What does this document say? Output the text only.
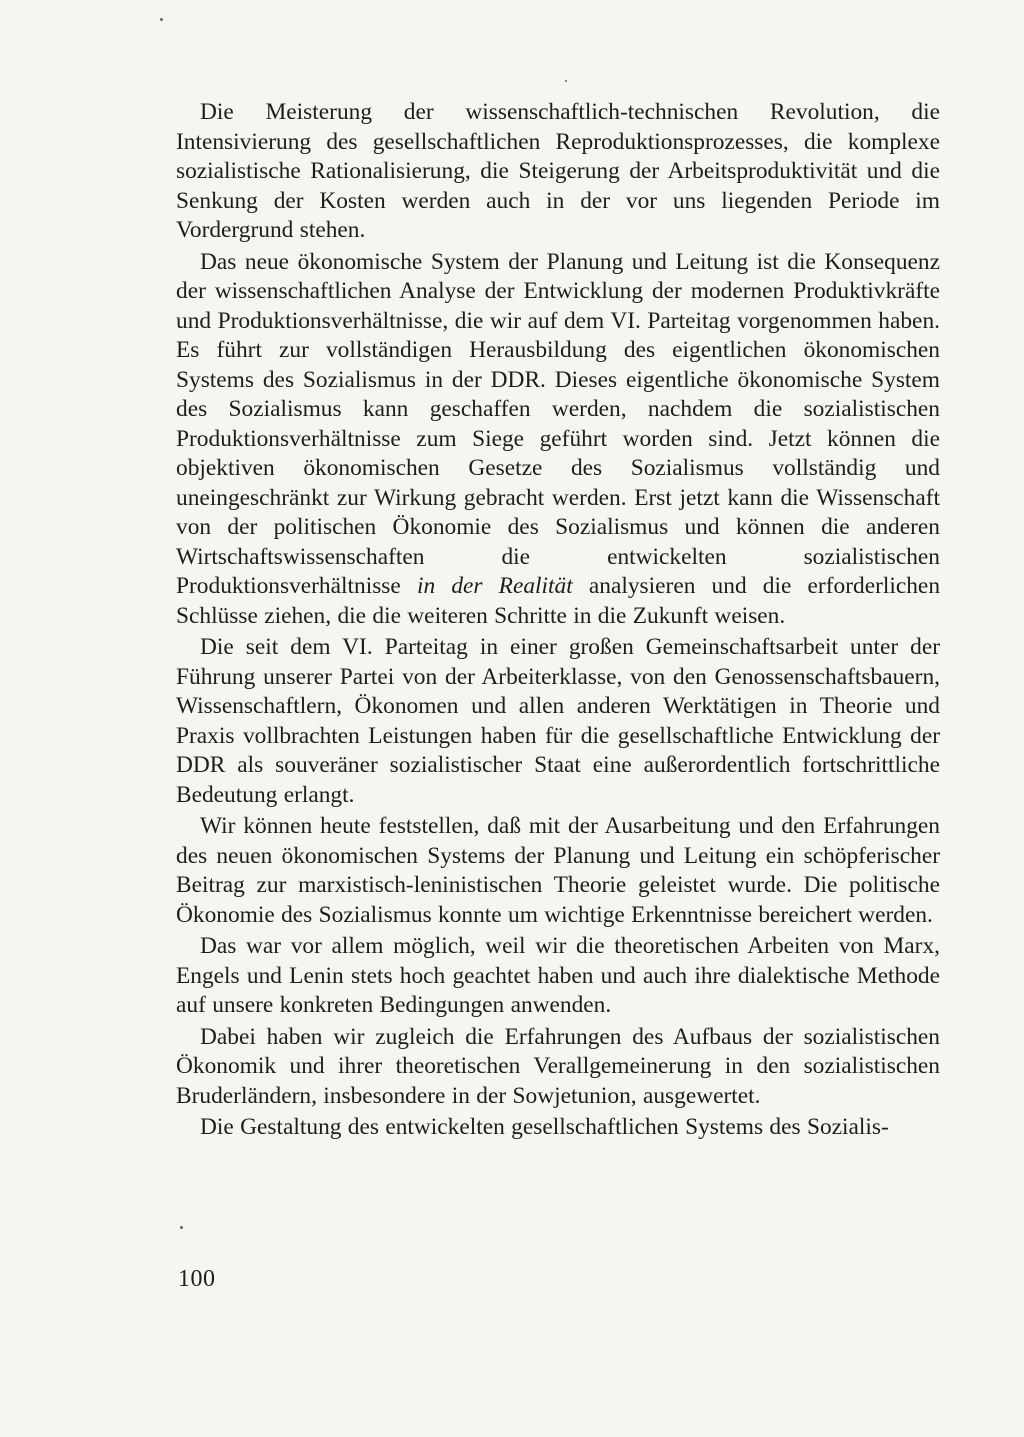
Die Meisterung der wissenschaftlich-technischen Revolution, die Intensivierung des gesellschaftlichen Reproduktionsprozesses, die komplexe sozialistische Rationalisierung, die Steigerung der Arbeitsproduktivität und die Senkung der Kosten werden auch in der vor uns liegenden Periode im Vordergrund stehen.

Das neue ökonomische System der Planung und Leitung ist die Konsequenz der wissenschaftlichen Analyse der Entwicklung der modernen Produktivkräfte und Produktionsverhältnisse, die wir auf dem VI. Parteitag vorgenommen haben. Es führt zur vollständigen Herausbildung des eigentlichen ökonomischen Systems des Sozialismus in der DDR. Dieses eigentliche ökonomische System des Sozialismus kann geschaffen werden, nachdem die sozialistischen Produktionsverhältnisse zum Siege geführt worden sind. Jetzt können die objektiven ökonomischen Gesetze des Sozialismus vollständig und uneingeschränkt zur Wirkung gebracht werden. Erst jetzt kann die Wissenschaft von der politischen Ökonomie des Sozialismus und können die anderen Wirtschaftswissenschaften die entwickelten sozialistischen Produktionsverhältnisse in der Realität analysieren und die erforderlichen Schlüsse ziehen, die die weiteren Schritte in die Zukunft weisen.

Die seit dem VI. Parteitag in einer großen Gemeinschaftsarbeit unter der Führung unserer Partei von der Arbeiterklasse, von den Genossenschaftsbauern, Wissenschaftlern, Ökonomen und allen anderen Werktätigen in Theorie und Praxis vollbrachten Leistungen haben für die gesellschaftliche Entwicklung der DDR als souveräner sozialistischer Staat eine außerordentlich fortschrittliche Bedeutung erlangt.

Wir können heute feststellen, daß mit der Ausarbeitung und den Erfahrungen des neuen ökonomischen Systems der Planung und Leitung ein schöpferischer Beitrag zur marxistisch-leninistischen Theorie geleistet wurde. Die politische Ökonomie des Sozialismus konnte um wichtige Erkenntnisse bereichert werden.

Das war vor allem möglich, weil wir die theoretischen Arbeiten von Marx, Engels und Lenin stets hoch geachtet haben und auch ihre dialektische Methode auf unsere konkreten Bedingungen anwenden.

Dabei haben wir zugleich die Erfahrungen des Aufbaus der sozialistischen Ökonomik und ihrer theoretischen Verallgemeinerung in den sozialistischen Bruderländern, insbesondere in der Sowjetunion, ausgewertet.

Die Gestaltung des entwickelten gesellschaftlichen Systems des Sozialis-

100
